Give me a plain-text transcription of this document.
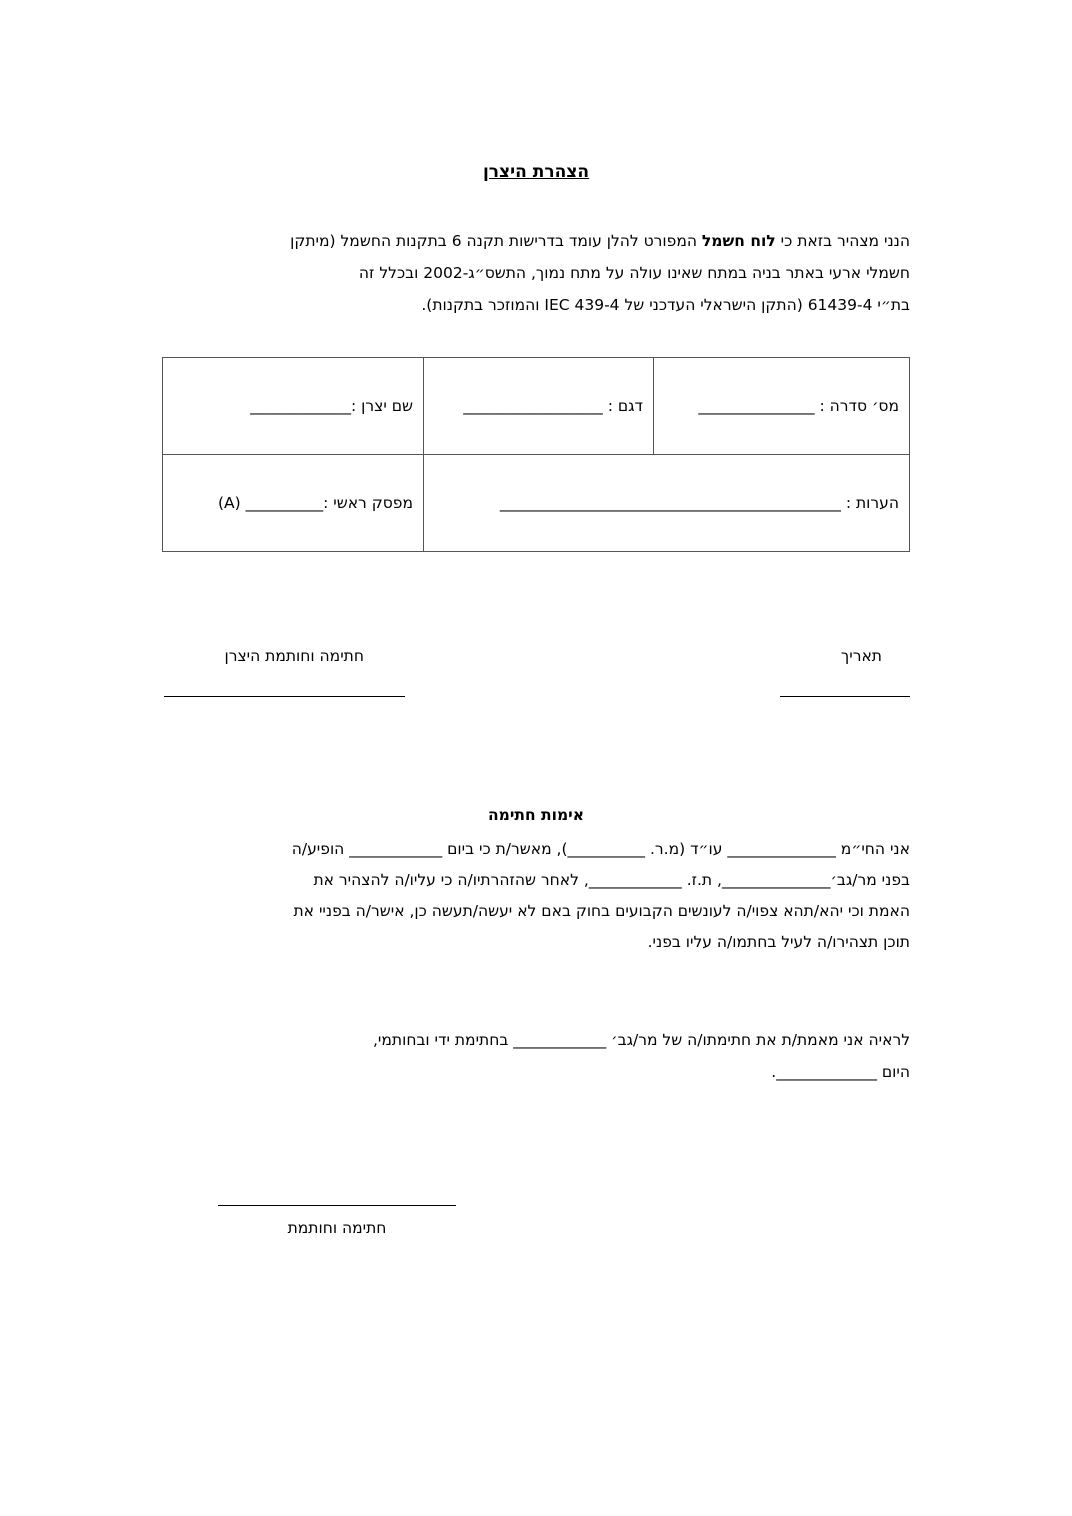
הצהרת היצרן
הנני מצהיר בזאת כי לוח חשמל המפורט להלן עומד בדרישות תקנה 6 בתקנות החשמל (מיתקן
חשמלי ארעי באתר בניה במתח שאינו עולה על מתח נמוך, התשס״ג-2002 ובכלל זה
בת״י 61439-4 (התקן הישראלי העדכני של IEC 439-4 והמוזכר בתקנות).
שם יצרן :_____________	דגם : __________________	מס׳ סדרה : _______________
מפסק ראשי :__________ (A)	הערות : ____________________________________________	
תאריך
חתימה וחותמת היצרן
אימות חתימה
אני החי״מ ______________ עו״ד (מ.ר. __________), מאשר/ת כי ביום ____________ הופיע/ה
בפני מר/גב׳______________, ת.ז. ____________, לאחר שהזהרתיו/ה כי עליו/ה להצהיר את
האמת וכי יהא/תהא צפוי/ה לעונשים הקבועים בחוק באם לא יעשה/תעשה כן, אישר/ה בפניי את
תוכן תצהירו/ה לעיל בחתמו/ה עליו בפני.
לראיה אני מאמת/ת את חתימתו/ה של מר/גב׳ ____________ בחתימת ידי ובחותמי,
היום _____________.
חתימה וחותמת
